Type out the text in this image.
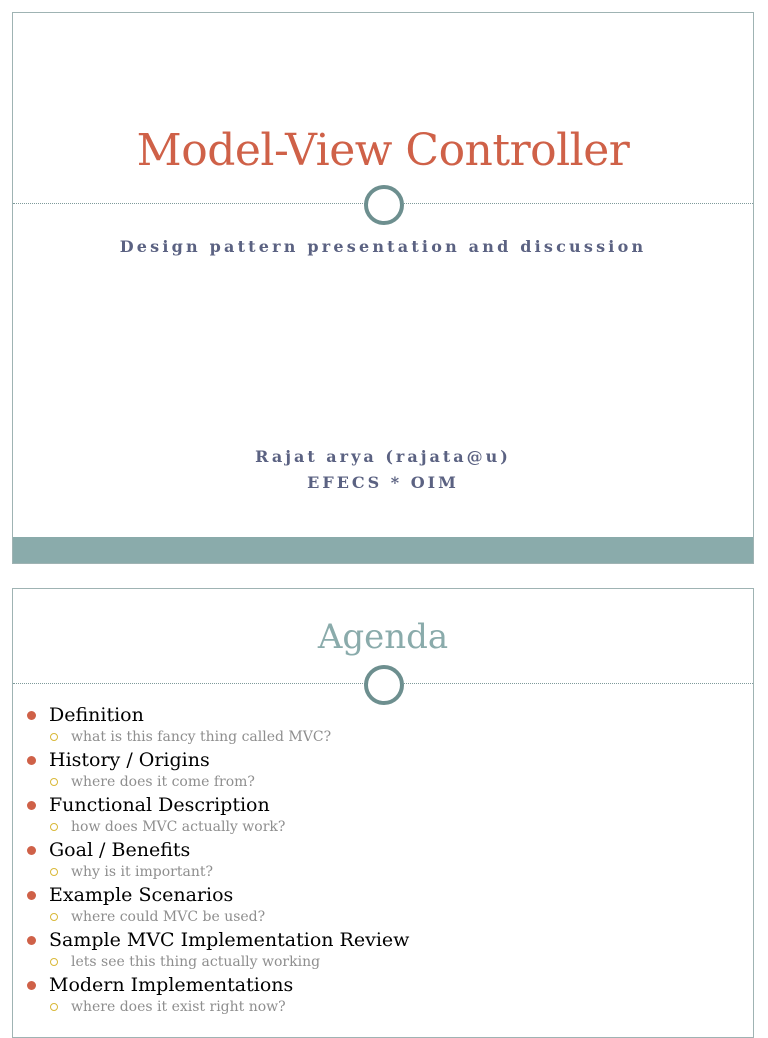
Model-View Controller
Design pattern presentation and discussion
Rajat arya (rajata@u)
EFECS * OIM
Agenda
Definition
what is this fancy thing called MVC?
History / Origins
where does it come from?
Functional Description
how does MVC actually work?
Goal / Benefits
why is it important?
Example Scenarios
where could MVC be used?
Sample MVC Implementation Review
lets see this thing actually working
Modern Implementations
where does it exist right now?
